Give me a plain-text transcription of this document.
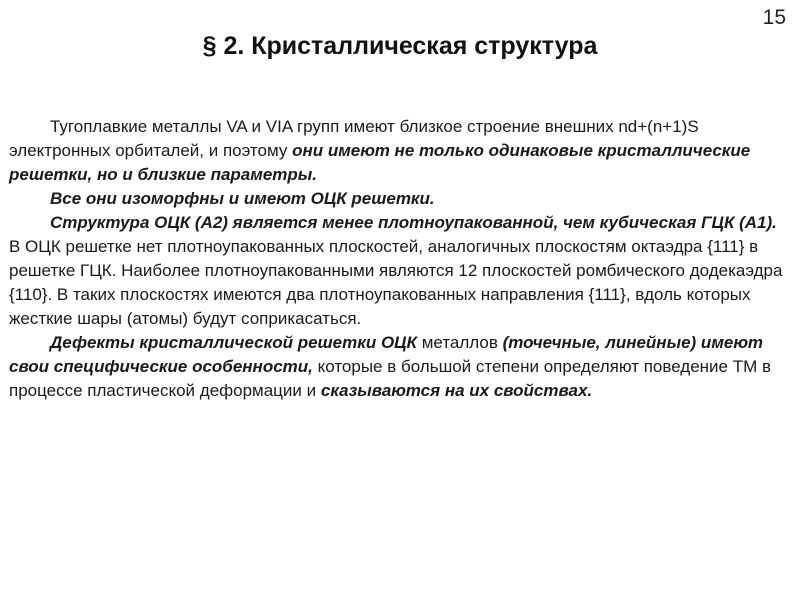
15
§ 2. Кристаллическая структура

Тугоплавкие металлы VA и VIA групп имеют близкое строение внешних nd+(n+1)S электронных орбиталей, и поэтому они имеют не только одинаковые кристаллические решетки, но и близкие параметры.

Все они изоморфны и имеют ОЦК решетки.

Структура ОЦК (А2) является менее плотноупакованной, чем кубическая ГЦК (А1). В ОЦК решетке нет плотноупакованных плоскостей, аналогичных плоскостям октаэдра {111} в решетке ГЦК. Наиболее плотноупакованными являются 12 плоскостей ромбического додекаэдра {110}. В таких плоскостях имеются два плотноупакованных направления {111}, вдоль которых жесткие шары (атомы) будут соприкасаться.

Дефекты кристаллической решетки ОЦК металлов (точечные, линейные) имеют свои специфические особенности, которые в большой степени определяют поведение ТМ в процессе пластической деформации и сказываются на их свойствах.
